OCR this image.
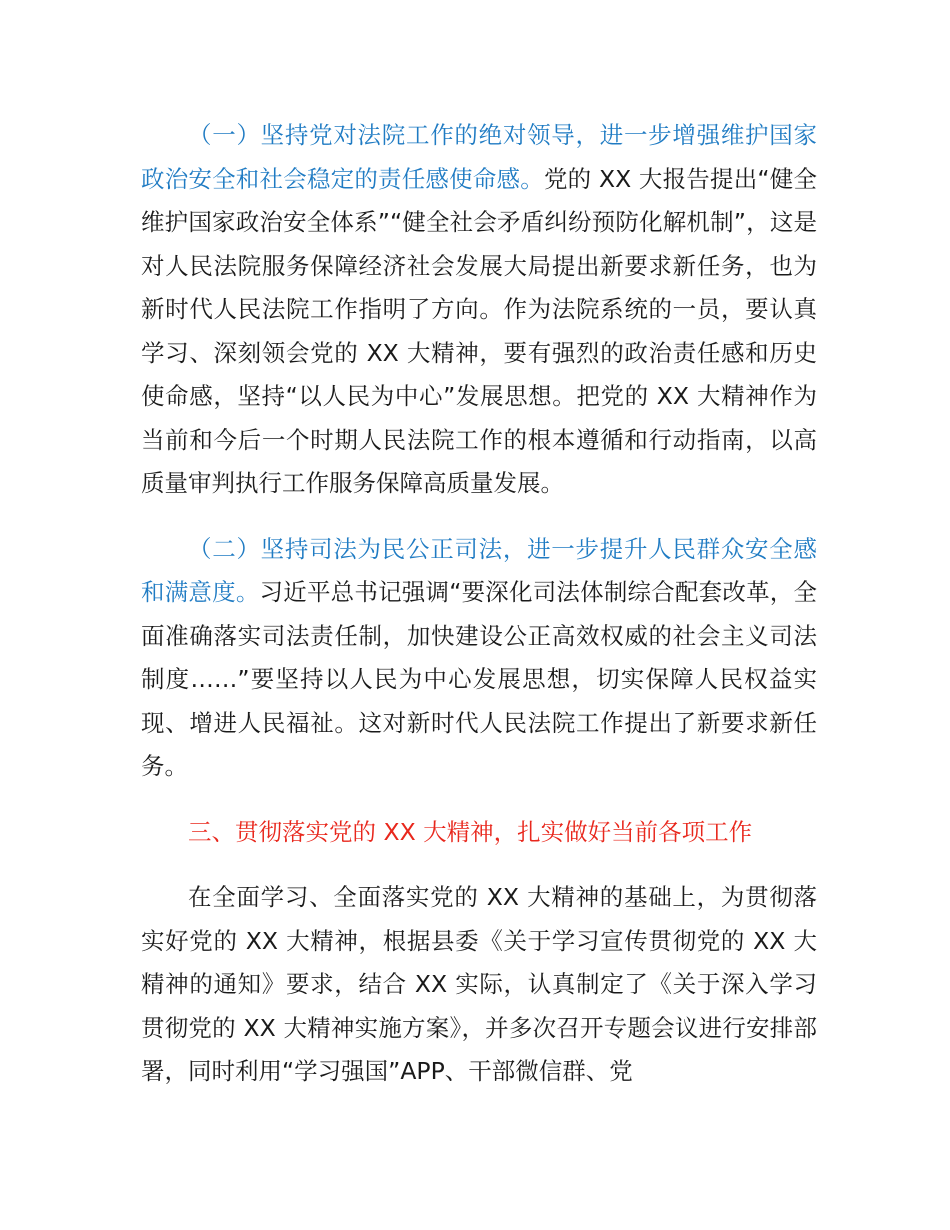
（一）坚持党对法院工作的绝对领导，进一步增强维护国家政治安全和社会稳定的责任感使命感。党的 XX 大报告提出“健全维护国家政治安全体系”“健全社会矛盾纠纷预防化解机制”，这是对人民法院服务保障经济社会发展大局提出新要求新任务，也为新时代人民法院工作指明了方向。作为法院系统的一员，要认真学习、深刻领会党的 XX 大精神，要有强烈的政治责任感和历史使命感，坚持“以人民为中心”发展思想。把党的 XX 大精神作为当前和今后一个时期人民法院工作的根本遵循和行动指南，以高质量审判执行工作服务保障高质量发展。

（二）坚持司法为民公正司法，进一步提升人民群众安全感和满意度。习近平总书记强调“要深化司法体制综合配套改革，全面准确落实司法责任制，加快建设公正高效权威的社会主义司法制度……”要坚持以人民为中心发展思想，切实保障人民权益实现、增进人民福祉。这对新时代人民法院工作提出了新要求新任务。

三、贯彻落实党的 XX 大精神，扎实做好当前各项工作

在全面学习、全面落实党的 XX 大精神的基础上，为贯彻落实好党的 XX 大精神，根据县委《关于学习宣传贯彻党的 XX 大精神的通知》要求，结合 XX 实际，认真制定了《关于深入学习贯彻党的 XX 大精神实施方案》，并多次召开专题会议进行安排部署，同时利用“学习强国”APP、干部微信群、党
